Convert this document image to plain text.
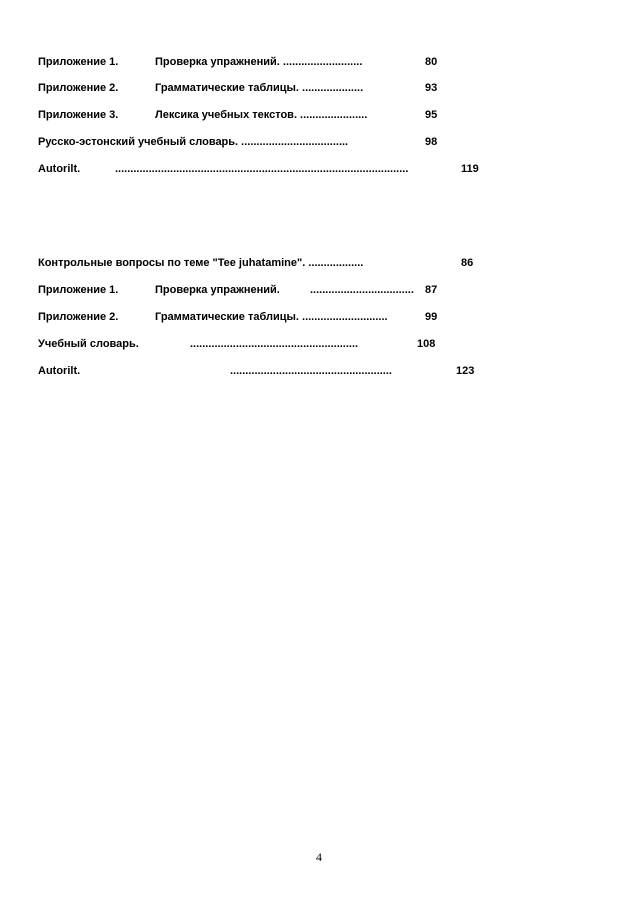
Приложение 1.	Проверка упражнений. ..........................	80
Приложение 2.	Грамматические таблицы. ....................	93
Приложение 3.	Лексика учебных текстов. ......................	95
Русско-эстонский учебный словарь. ...................................	98
Autorilt.	................................................................................................	119
Контрольные вопросы по теме "Tee juhatamine". ..................	86
Приложение 1.	Проверка упражнений.	.................................. 87
Приложение 2.	Грамматические таблицы. ............................	99
Учебный словарь.	.......................................................	108
Autorilt.	.....................................................	123
4
